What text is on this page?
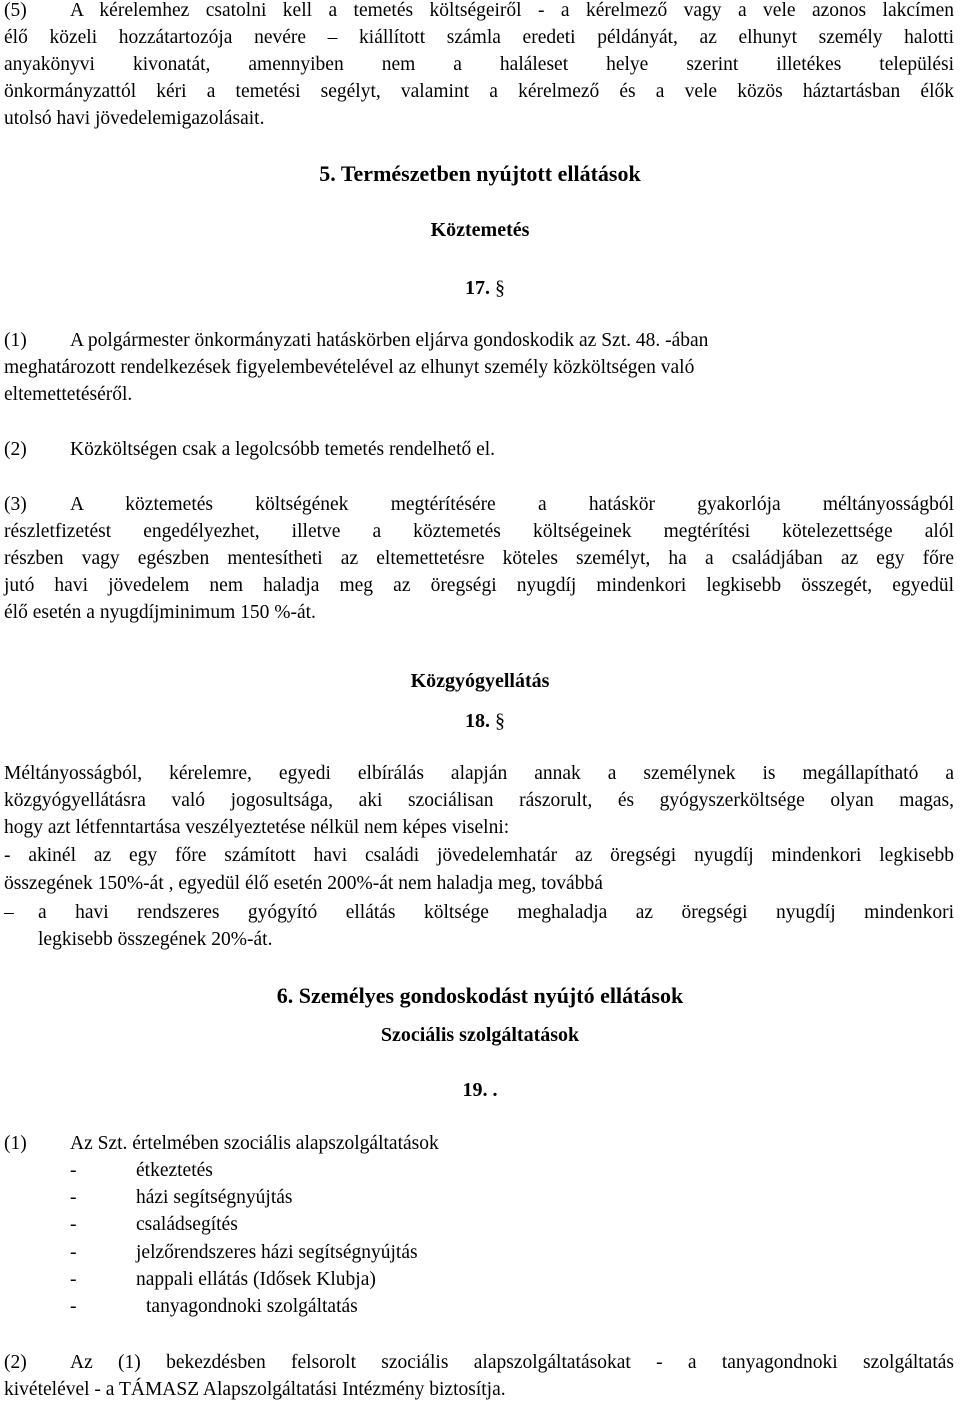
(5) A kérelemhez csatolni kell a temetés költségeiről - a kérelmező vagy a vele azonos lakcímen
élő közeli hozzátartozója nevére – kiállított számla eredeti példányát, az elhunyt személy halotti
anyakönyvi kivonatát, amennyiben nem a haláleset helye szerint illetékes települési
önkormányzattól kéri a temetési segélyt, valamint a kérelmező és a vele közös háztartásban élők
utolsó havi jövedelemigazolásait.
5. Természetben nyújtott ellátások
Köztemetés
17. §
(1) A polgármester önkormányzati hatáskörben eljárva gondoskodik az Szt. 48. -ában
meghatározott rendelkezések figyelembevételével az elhunyt személy közköltségen való
eltemettetéséről.
(2) Közköltségen csak a legolcsóbb temetés rendelhető el.
(3) A köztemetés költségének megtérítésére a hatáskör gyakorlója méltányosságból
részletfizetést engedélyezhet, illetve a köztemetés költségeinek megtérítési kötelezettsége alól
részben vagy egészben mentesítheti az eltemettetésre köteles személyt, ha a családjában az egy főre
jutó havi jövedelem nem haladja meg az öregségi nyugdíj mindenkori legkisebb összegét, egyedül
élő esetén a nyugdíjminimum 150 %-át.
Közgyógyellátás
18. §
Méltányosságból, kérelemre, egyedi elbírálás alapján annak a személynek is megállapítható a
közgyógyellátásra való jogosultsága, aki szociálisan rászorult, és gyógyszerköltsége olyan magas,
hogy azt létfenntartása veszélyeztetése nélkül nem képes viselni:
- akinél az egy főre számított havi családi jövedelemhatár az öregségi nyugdíj mindenkori legkisebb
összegének 150%-át , egyedül élő esetén 200%-át nem haladja meg, továbbá
–	a havi rendszeres gyógyító ellátás költsége meghaladja az öregségi nyugdíj mindenkori
legkisebb összegének 20%-át.
6. Személyes gondoskodást nyújtó ellátások
Szociális szolgáltatások
19. .
(1) Az Szt. értelmében szociális alapszolgáltatások
-	étkeztetés
-	házi segítségnyújtás
-	családsegítés
-	jelzőrendszeres házi segítségnyújtás
-	nappali ellátás (Idősek Klubja)
-	tanyagondnoki szolgáltatás
(2) Az (1) bekezdésben felsorolt szociális alapszolgáltatásokat - a tanyagondnoki szolgáltatás
kivételével - a TÁMASZ Alapszolgáltatási Intézmény biztosítja.
